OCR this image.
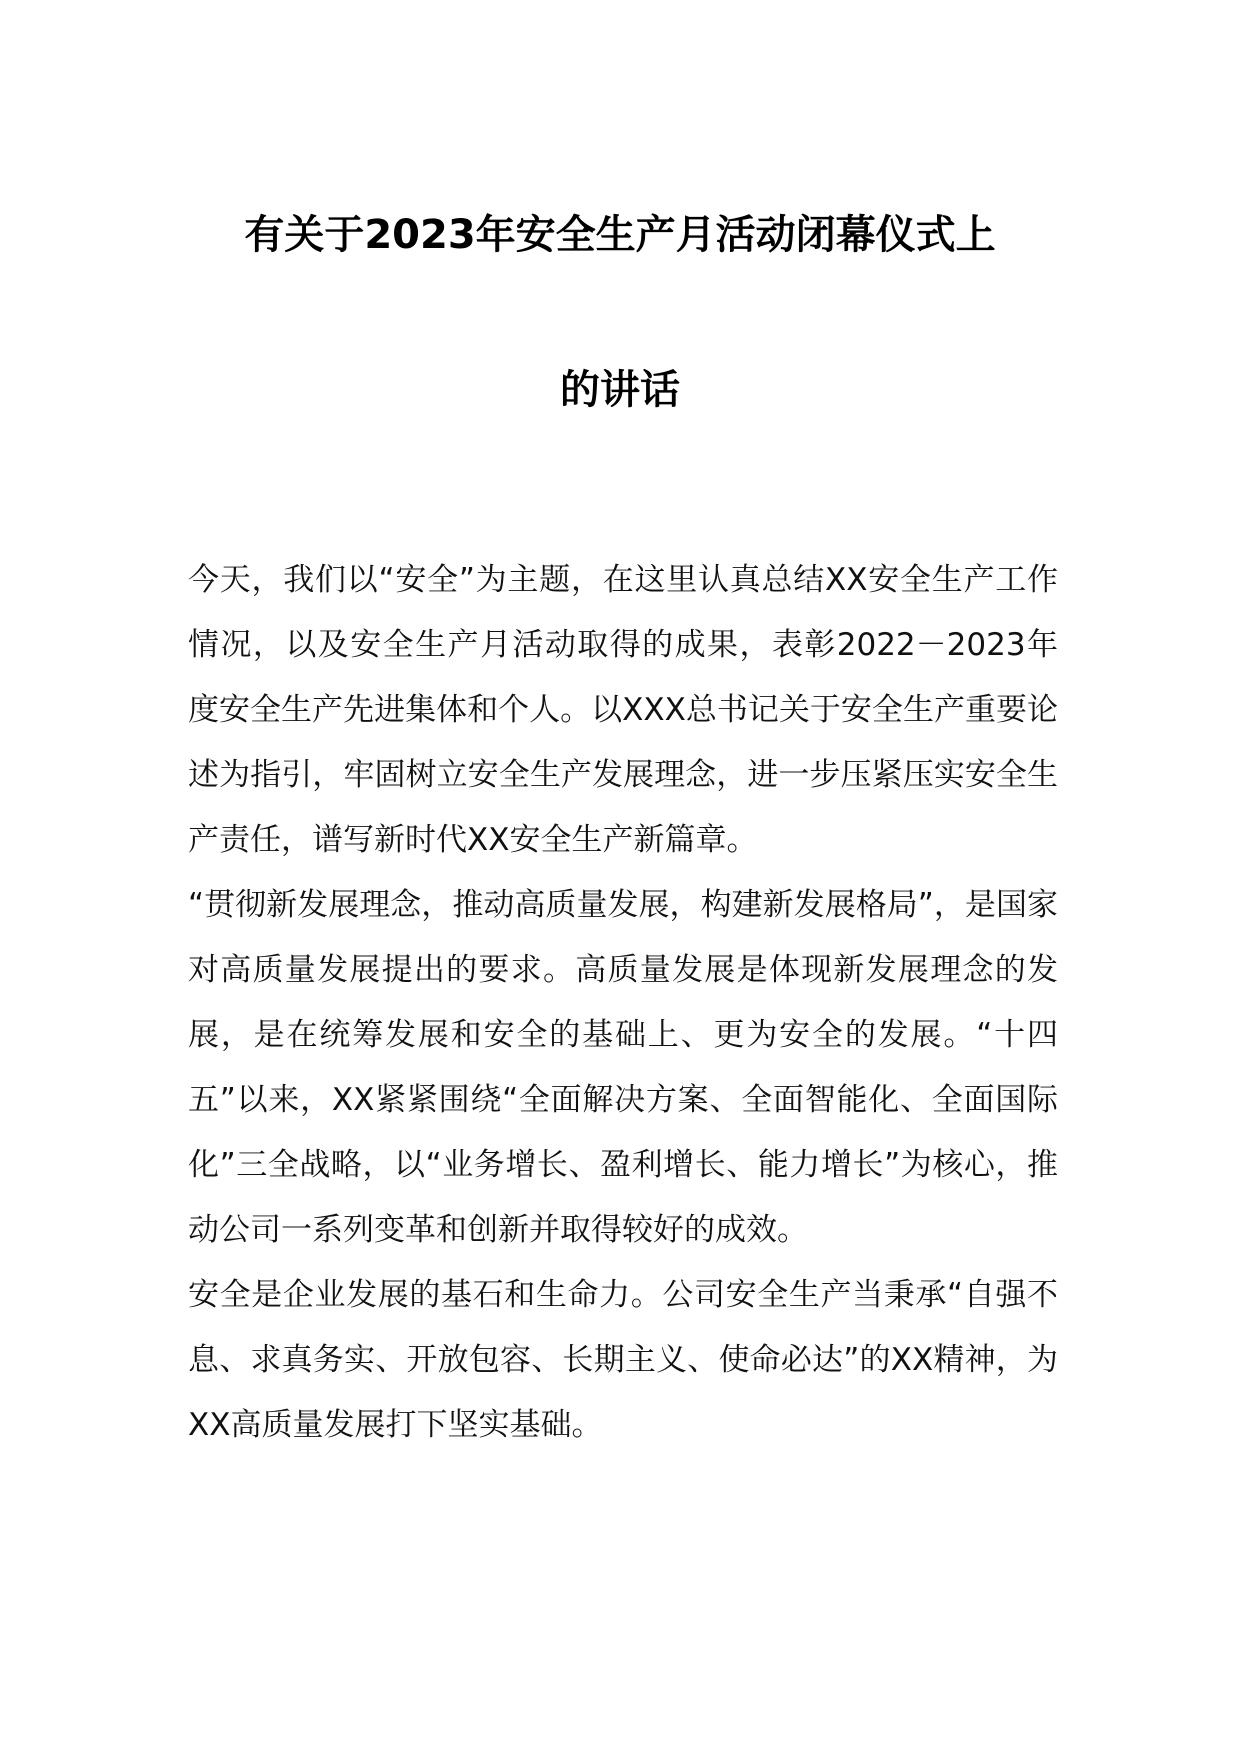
有关于2023年安全生产月活动闭幕仪式上
的讲话

今天，我们以“安全”为主题，在这里认真总结XX安全生产工作情况，以及安全生产月活动取得的成果，表彰2022－2023年度安全生产先进集体和个人。以XXX总书记关于安全生产重要论述为指引，牢固树立安全生产发展理念，进一步压紧压实安全生产责任，谱写新时代XX安全生产新篇章。

“贯彻新发展理念，推动高质量发展，构建新发展格局”，是国家对高质量发展提出的要求。高质量发展是体现新发展理念的发展，是在统筹发展和安全的基础上、更为安全的发展。“十四五”以来，XX紧紧围绕“全面解决方案、全面智能化、全面国际化”三全战略，以“业务增长、盈利增长、能力增长”为核心，推动公司一系列变革和创新并取得较好的成效。

安全是企业发展的基石和生命力。公司安全生产当秉承“自强不息、求真务实、开放包容、长期主义、使命必达”的XX精神，为XX高质量发展打下坚实基础。
